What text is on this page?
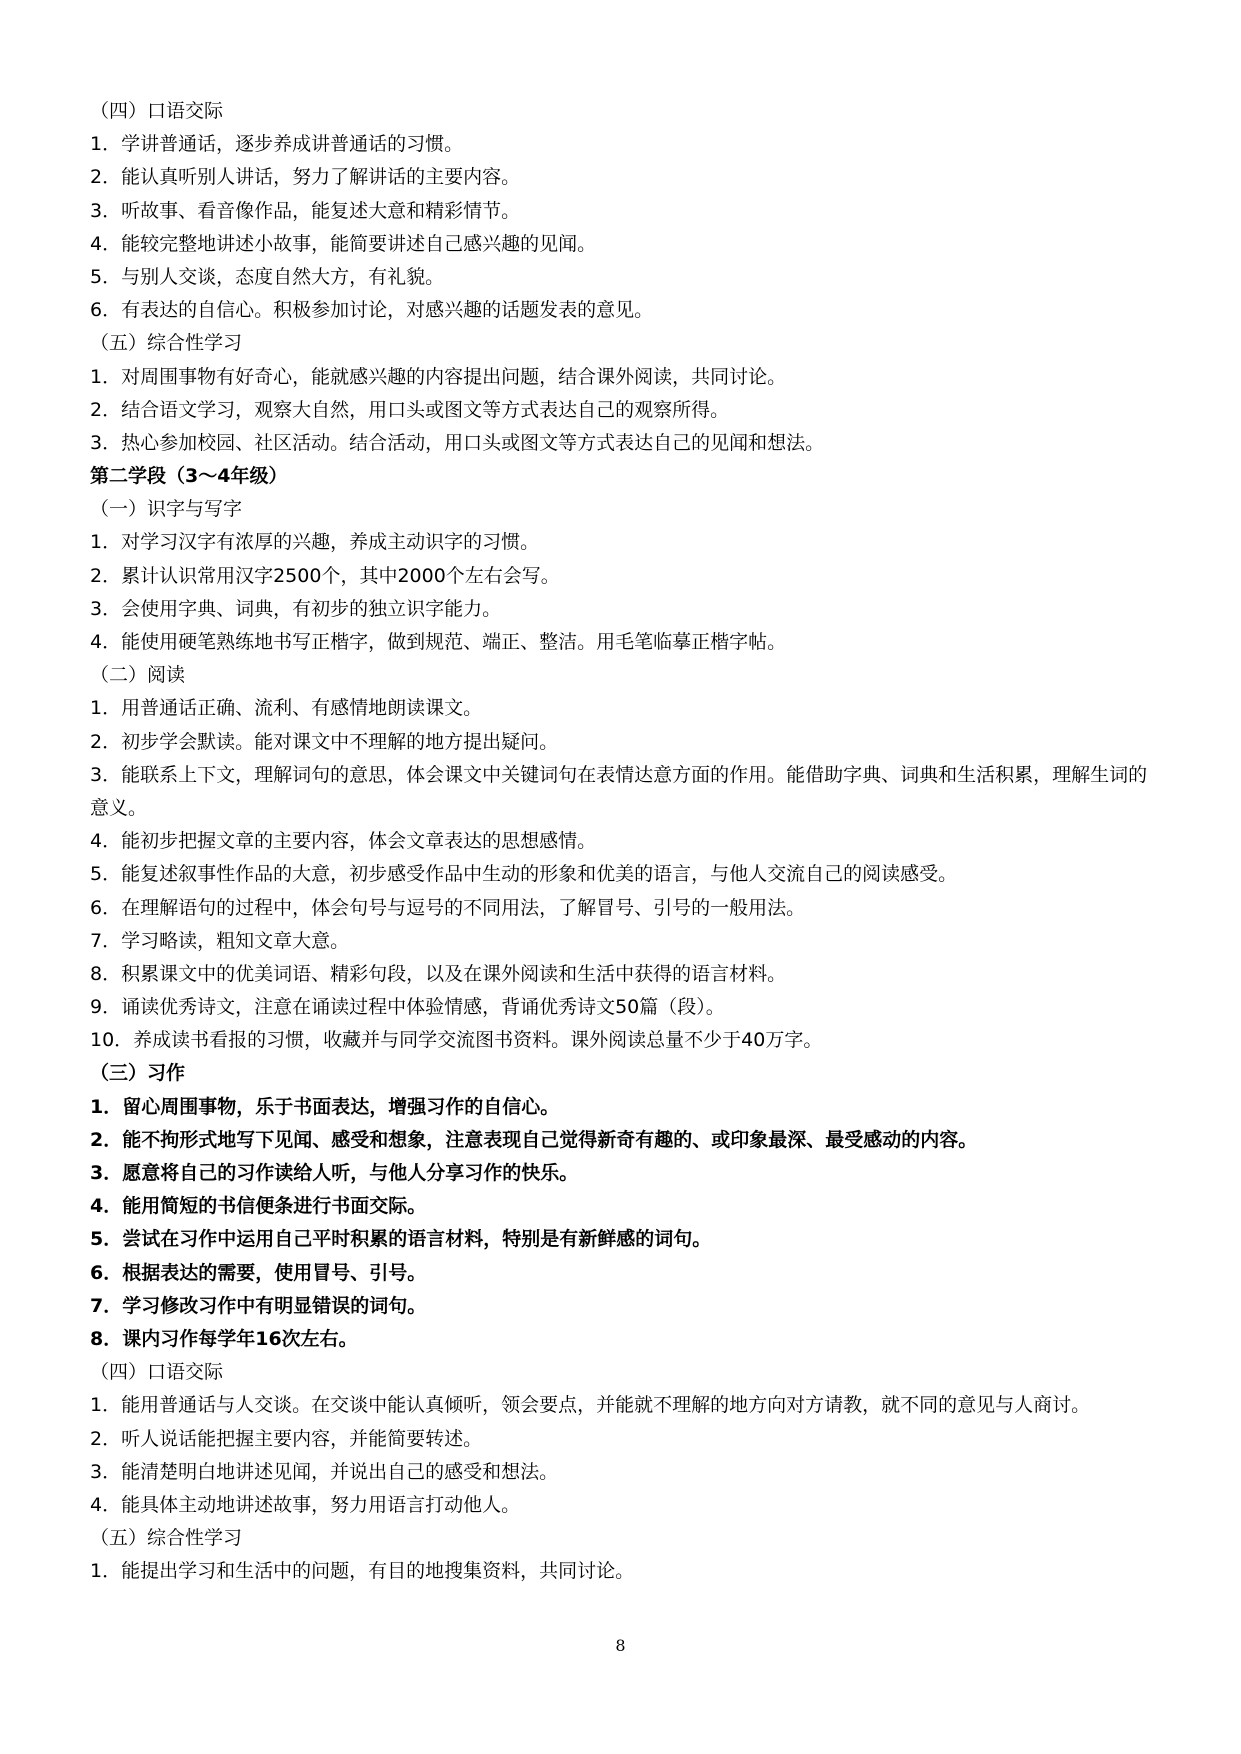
（四）口语交际
1．学讲普通话，逐步养成讲普通话的习惯。
2．能认真听别人讲话，努力了解讲话的主要内容。
3．听故事、看音像作品，能复述大意和精彩情节。
4．能较完整地讲述小故事，能简要讲述自己感兴趣的见闻。
5．与别人交谈，态度自然大方，有礼貌。
6．有表达的自信心。积极参加讨论，对感兴趣的话题发表的意见。
（五）综合性学习
1．对周围事物有好奇心，能就感兴趣的内容提出问题，结合课外阅读，共同讨论。
2．结合语文学习，观察大自然，用口头或图文等方式表达自己的观察所得。
3．热心参加校园、社区活动。结合活动，用口头或图文等方式表达自己的见闻和想法。
第二学段（3～4年级）
（一）识字与写字
1．对学习汉字有浓厚的兴趣，养成主动识字的习惯。
2．累计认识常用汉字2500个，其中2000个左右会写。
3．会使用字典、词典，有初步的独立识字能力。
4．能使用硬笔熟练地书写正楷字，做到规范、端正、整洁。用毛笔临摹正楷字帖。
（二）阅读
1．用普通话正确、流利、有感情地朗读课文。
2．初步学会默读。能对课文中不理解的地方提出疑问。
3．能联系上下文，理解词句的意思，体会课文中关键词句在表情达意方面的作用。能借助字典、词典和生活积累，理解生词的意义。
4．能初步把握文章的主要内容，体会文章表达的思想感情。
5．能复述叙事性作品的大意，初步感受作品中生动的形象和优美的语言，与他人交流自己的阅读感受。
6．在理解语句的过程中，体会句号与逗号的不同用法，了解冒号、引号的一般用法。
7．学习略读，粗知文章大意。
8．积累课文中的优美词语、精彩句段，以及在课外阅读和生活中获得的语言材料。
9．诵读优秀诗文，注意在诵读过程中体验情感，背诵优秀诗文50篇（段）。
10．养成读书看报的习惯，收藏并与同学交流图书资料。课外阅读总量不少于40万字。
（三）习作
1．留心周围事物，乐于书面表达，增强习作的自信心。
2．能不拘形式地写下见闻、感受和想象，注意表现自己觉得新奇有趣的、或印象最深、最受感动的内容。
3．愿意将自己的习作读给人听，与他人分享习作的快乐。
4．能用简短的书信便条进行书面交际。
5．尝试在习作中运用自己平时积累的语言材料，特别是有新鲜感的词句。
6．根据表达的需要，使用冒号、引号。
7．学习修改习作中有明显错误的词句。
8．课内习作每学年16次左右。
（四）口语交际
1．能用普通话与人交谈。在交谈中能认真倾听，领会要点，并能就不理解的地方向对方请教，就不同的意见与人商讨。
2．听人说话能把握主要内容，并能简要转述。
3．能清楚明白地讲述见闻，并说出自己的感受和想法。
4．能具体主动地讲述故事，努力用语言打动他人。
（五）综合性学习
1．能提出学习和生活中的问题，有目的地搜集资料，共同讨论。
8
